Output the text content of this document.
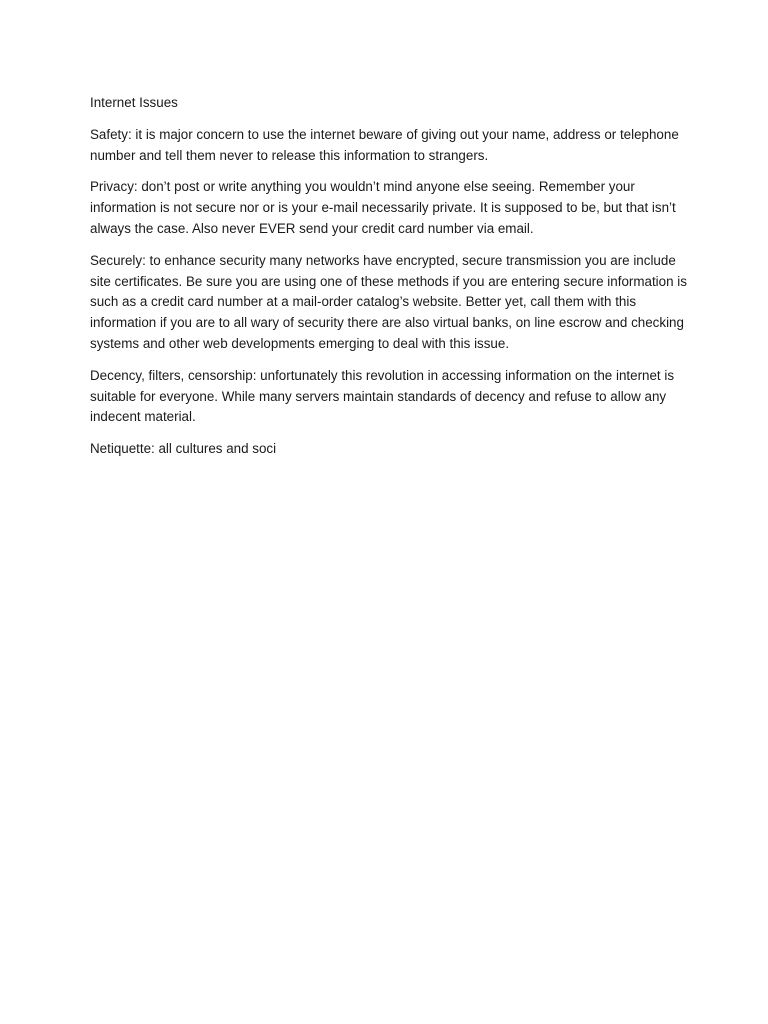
Internet Issues

Safety: it is major concern to use the internet beware of giving out your name, address or telephone number and tell them never to release this information to strangers.

Privacy: don’t post or write anything you wouldn’t mind anyone else seeing. Remember your information is not secure nor or is your e-mail necessarily private. It is supposed to be, but that isn’t always the case. Also never EVER send your credit card number via email.

Securely: to enhance security many networks have encrypted, secure transmission you are include site certificates. Be sure you are using one of these methods if you are entering secure information is such as a credit card number at a mail-order catalog’s website. Better yet, call them with this information if you are to all wary of security there are also virtual banks, on line escrow and checking systems and other web developments emerging to deal with this issue.

Decency, filters, censorship: unfortunately this revolution in accessing information on the internet is suitable for everyone. While many servers maintain standards of decency and refuse to allow any indecent material.

Netiquette: all cultures and soci
